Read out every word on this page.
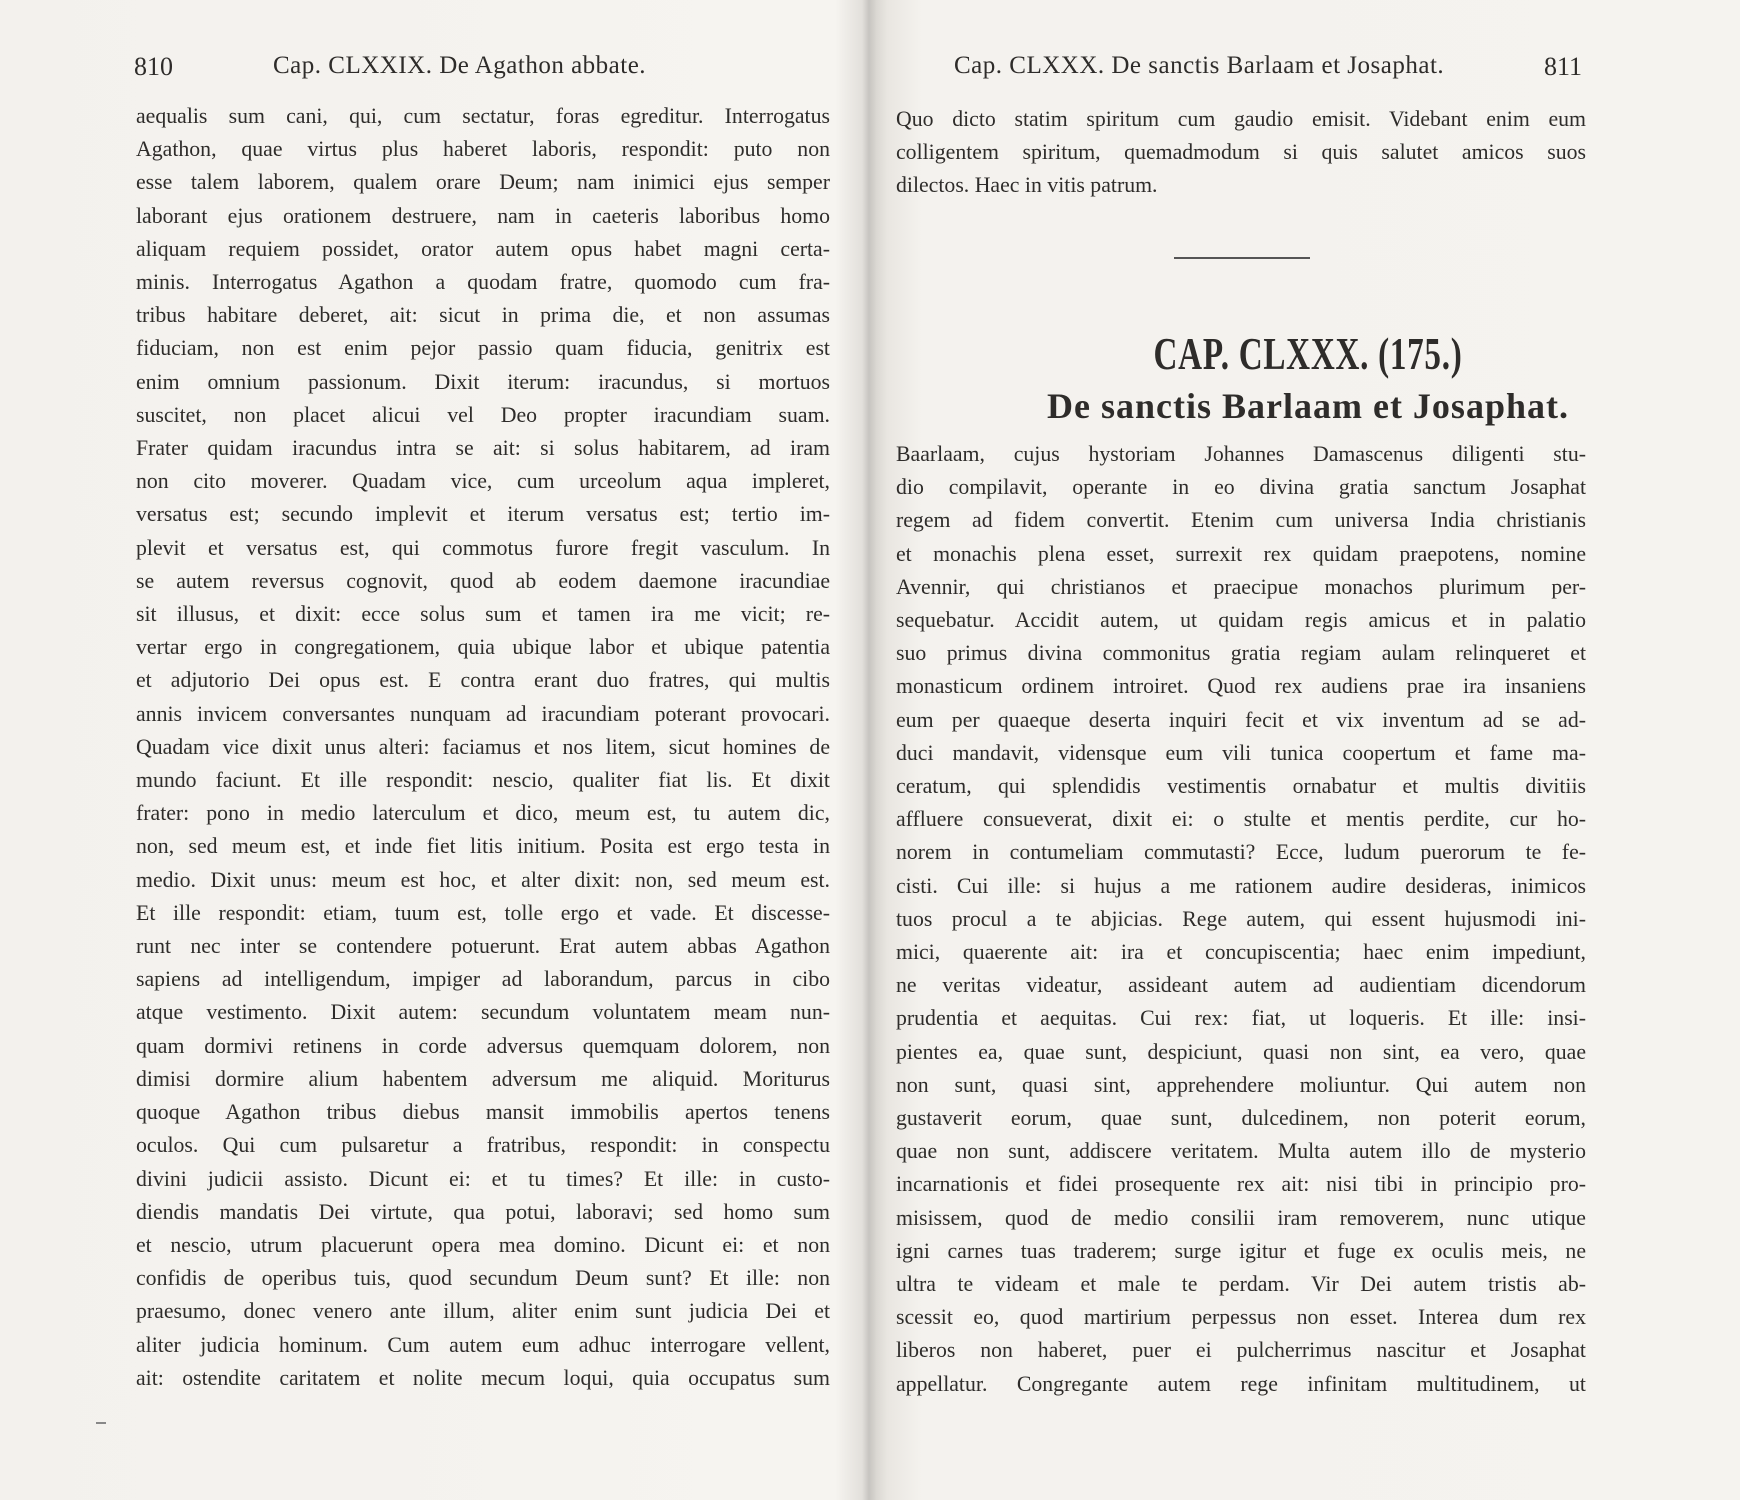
810	Cap. CLXXIX. De Agathon abbate.

aequalis sum cani, qui, cum sectatur, foras egreditur. Interrogatus

Agathon, quae virtus plus haberet laboris, respondit: puto non

esse talem laborem, qualem orare Deum; nam inimici ejus semper

laborant ejus orationem destruere, nam in caeteris laboribus homo

aliquam requiem possidet, orator autem opus habet magni certa-

minis. Interrogatus Agathon a quodam fratre, quomodo cum fra-

tribus habitare deberet, ait: sicut in prima die, et non assumas

fiduciam, non est enim pejor passio quam fiducia, genitrix est

enim omnium passionum. Dixit iterum: iracundus, si mortuos

suscitet, non placet alicui vel Deo propter iracundiam suam.

Frater quidam iracundus intra se ait: si solus habitarem, ad iram

non cito moverer. Quadam vice, cum urceolum aqua impleret,

versatus est; secundo implevit et iterum versatus est; tertio im-

plevit et versatus est, qui commotus furore fregit vasculum. In

se autem reversus cognovit, quod ab eodem daemone iracundiae

sit illusus, et dixit: ecce solus sum et tamen ira me vicit; re-

vertar ergo in congregationem, quia ubique labor et ubique patentia

et adjutorio Dei opus est. E contra erant duo fratres, qui multis

annis invicem conversantes nunquam ad iracundiam poterant provocari.

Quadam vice dixit unus alteri: faciamus et nos litem, sicut homines de

mundo faciunt. Et ille respondit: nescio, qualiter fiat lis. Et dixit

frater: pono in medio laterculum et dico, meum est, tu autem dic,

non, sed meum est, et inde fiet litis initium. Posita est ergo testa in

medio. Dixit unus: meum est hoc, et alter dixit: non, sed meum est.

Et ille respondit: etiam, tuum est, tolle ergo et vade. Et discesse-

runt nec inter se contendere potuerunt. Erat autem abbas Agathon

sapiens ad intelligendum, impiger ad laborandum, parcus in cibo

atque vestimento. Dixit autem: secundum voluntatem meam nun-

quam dormivi retinens in corde adversus quemquam dolorem, non

dimisi dormire alium habentem adversum me aliquid. Moriturus

quoque Agathon tribus diebus mansit immobilis apertos tenens

oculos. Qui cum pulsaretur a fratribus, respondit: in conspectu

divini judicii assisto. Dicunt ei: et tu times? Et ille: in custo-

diendis mandatis Dei virtute, qua potui, laboravi; sed homo sum

et nescio, utrum placuerunt opera mea domino. Dicunt ei: et non

confidis de operibus tuis, quod secundum Deum sunt? Et ille: non

praesumo, donec venero ante illum, aliter enim sunt judicia Dei et

aliter judicia hominum. Cum autem eum adhuc interrogare vellent,

ait: ostendite caritatem et nolite mecum loqui, quia occupatus sum

Cap. CLXXX. De sanctis Barlaam et Josaphat.	811

Quo dicto statim spiritum cum gaudio emisit. Videbant enim eum

colligentem spiritum, quemadmodum si quis salutet amicos suos

dilectos. Haec in vitis patrum.

CAP. CLXXX. (175.)
De sanctis Barlaam et Josaphat.

Baarlaam, cujus hystoriam Johannes Damascenus diligenti stu-

dio compilavit, operante in eo divina gratia sanctum Josaphat

regem ad fidem convertit. Etenim cum universa India christianis

et monachis plena esset, surrexit rex quidam praepotens, nomine

Avennir, qui christianos et praecipue monachos plurimum per-

sequebatur. Accidit autem, ut quidam regis amicus et in palatio

suo primus divina commonitus gratia regiam aulam relinqueret et

monasticum ordinem introiret. Quod rex audiens prae ira insaniens

eum per quaeque deserta inquiri fecit et vix inventum ad se ad-

duci mandavit, vidensque eum vili tunica coopertum et fame ma-

ceratum, qui splendidis vestimentis ornabatur et multis divitiis

affluere consueverat, dixit ei: o stulte et mentis perdite, cur ho-

norem in contumeliam commutasti? Ecce, ludum puerorum te fe-

cisti. Cui ille: si hujus a me rationem audire desideras, inimicos

tuos procul a te abjicias. Rege autem, qui essent hujusmodi ini-

mici, quaerente ait: ira et concupiscentia; haec enim impediunt,

ne veritas videatur, assideant autem ad audientiam dicendorum

prudentia et aequitas. Cui rex: fiat, ut loqueris. Et ille: insi-

pientes ea, quae sunt, despiciunt, quasi non sint, ea vero, quae

non sunt, quasi sint, apprehendere moliuntur. Qui autem non

gustaverit eorum, quae sunt, dulcedinem, non poterit eorum,

quae non sunt, addiscere veritatem. Multa autem illo de mysterio

incarnationis et fidei prosequente rex ait: nisi tibi in principio pro-

misissem, quod de medio consilii iram removerem, nunc utique

igni carnes tuas traderem; surge igitur et fuge ex oculis meis, ne

ultra te videam et male te perdam. Vir Dei autem tristis ab-

scessit eo, quod martirium perpessus non esset. Interea dum rex

liberos non haberet, puer ei pulcherrimus nascitur et Josaphat

appellatur. Congregante autem rege infinitam multitudinem, ut
